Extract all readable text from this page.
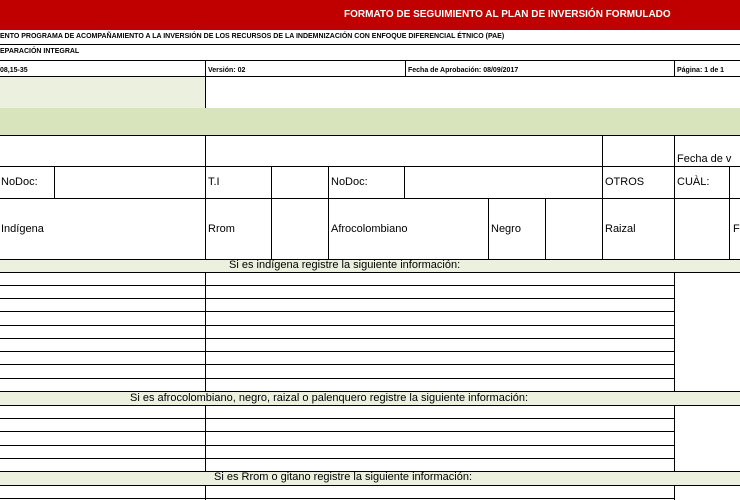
FORMATO DE SEGUIMIENTO AL PLAN DE INVERSIÓN FORMULADO
ENTO PROGRAMA DE ACOMPAÑAMIENTO A LA INVERSIÓN DE LOS RECURSOS DE LA INDEMNIZACIÓN CON ENFOQUE DIFERENCIAL ÉTNICO (PAE)
EPARACIÓN INTEGRAL
08,15-35	Versión: 02	Fecha de Aprobación: 08/09/2017	Página: 1 de 1
Fecha de v
NoDoc:	T.I	NoDoc:	OTROS	CUÀL:
Indígena	Rrom	Afrocolombiano	Negro	Raizal	F
Si es indígena registre la siguiente información:
Si es afrocolombiano, negro, raizal o palenquero registre la siguiente información:
Si es Rrom o gitano registre la siguiente información:
